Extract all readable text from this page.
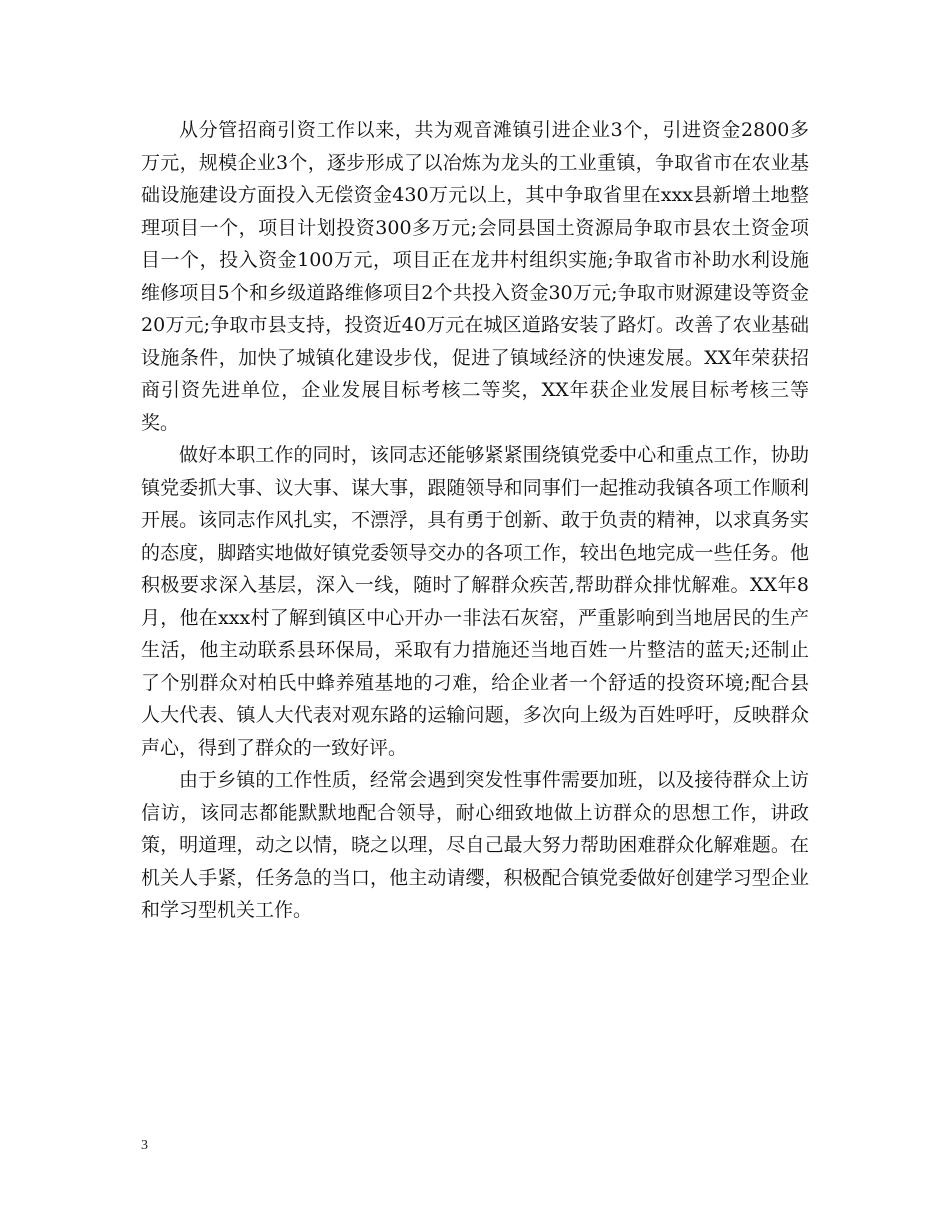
从分管招商引资工作以来，共为观音滩镇引进企业3个，引进资金2800多万元，规模企业3个，逐步形成了以冶炼为龙头的工业重镇，争取省市在农业基础设施建设方面投入无偿资金430万元以上，其中争取省里在xxx县新增土地整理项目一个，项目计划投资300多万元;会同县国土资源局争取市县农土资金项目一个，投入资金100万元，项目正在龙井村组织实施;争取省市补助水利设施维修项目5个和乡级道路维修项目2个共投入资金30万元;争取市财源建设等资金20万元;争取市县支持，投资近40万元在城区道路安装了路灯。改善了农业基础设施条件，加快了城镇化建设步伐，促进了镇域经济的快速发展。XX年荣获招商引资先进单位，企业发展目标考核二等奖，XX年获企业发展目标考核三等奖。

做好本职工作的同时，该同志还能够紧紧围绕镇党委中心和重点工作，协助镇党委抓大事、议大事、谋大事，跟随领导和同事们一起推动我镇各项工作顺利开展。该同志作风扎实，不漂浮，具有勇于创新、敢于负责的精神，以求真务实的态度，脚踏实地做好镇党委领导交办的各项工作，较出色地完成一些任务。他积极要求深入基层，深入一线，随时了解群众疾苦,帮助群众排忧解难。XX年8月，他在xxx村了解到镇区中心开办一非法石灰窑，严重影响到当地居民的生产生活，他主动联系县环保局，采取有力措施还当地百姓一片整洁的蓝天;还制止了个别群众对柏氏中蜂养殖基地的刁难，给企业者一个舒适的投资环境;配合县人大代表、镇人大代表对观东路的运输问题，多次向上级为百姓呼吁，反映群众声心，得到了群众的一致好评。

由于乡镇的工作性质，经常会遇到突发性事件需要加班，以及接待群众上访信访，该同志都能默默地配合领导，耐心细致地做上访群众的思想工作，讲政策，明道理，动之以情，晓之以理，尽自己最大努力帮助困难群众化解难题。在机关人手紧，任务急的当口，他主动请缨，积极配合镇党委做好创建学习型企业和学习型机关工作。

3
